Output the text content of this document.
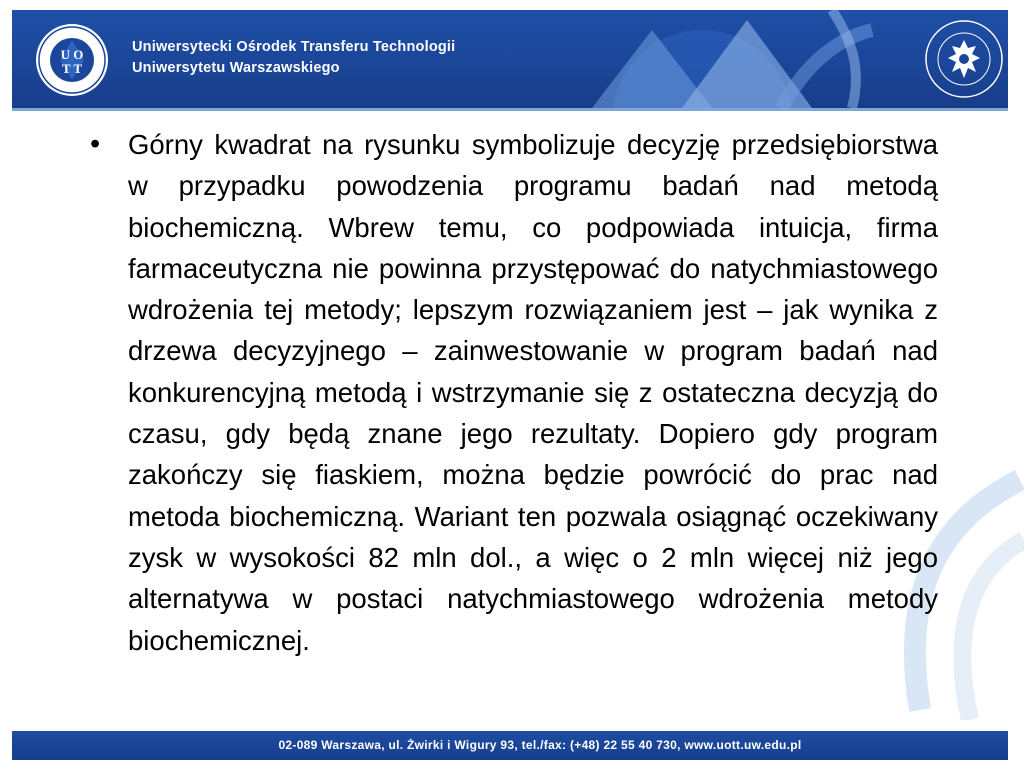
U O
T T
Uniwersytecki Ośrodek Transferu Technologii
Uniwersytetu Warszawskiego
• Górny kwadrat na rysunku symbolizuje decyzję przedsiębiorstwa w przypadku powodzenia programu badań nad metodą biochemiczną. Wbrew temu, co podpowiada intuicja, firma farmaceutyczna nie powinna przystępować do natychmiastowego wdrożenia tej metody; lepszym rozwiązaniem jest – jak wynika z drzewa decyzyjnego – zainwestowanie w program badań nad konkurencyjną metodą i wstrzymanie się z ostateczna decyzją do czasu, gdy będą znane jego rezultaty. Dopiero gdy program zakończy się fiaskiem, można będzie powrócić do prac nad metoda biochemiczną. Wariant ten pozwala osiągnąć oczekiwany zysk w wysokości 82 mln dol., a więc o 2 mln więcej niż jego alternatywa w postaci natychmiastowego wdrożenia metody biochemicznej.
02-089 Warszawa, ul. Żwirki i Wigury 93, tel./fax: (+48) 22 55 40 730, www.uott.uw.edu.pl
